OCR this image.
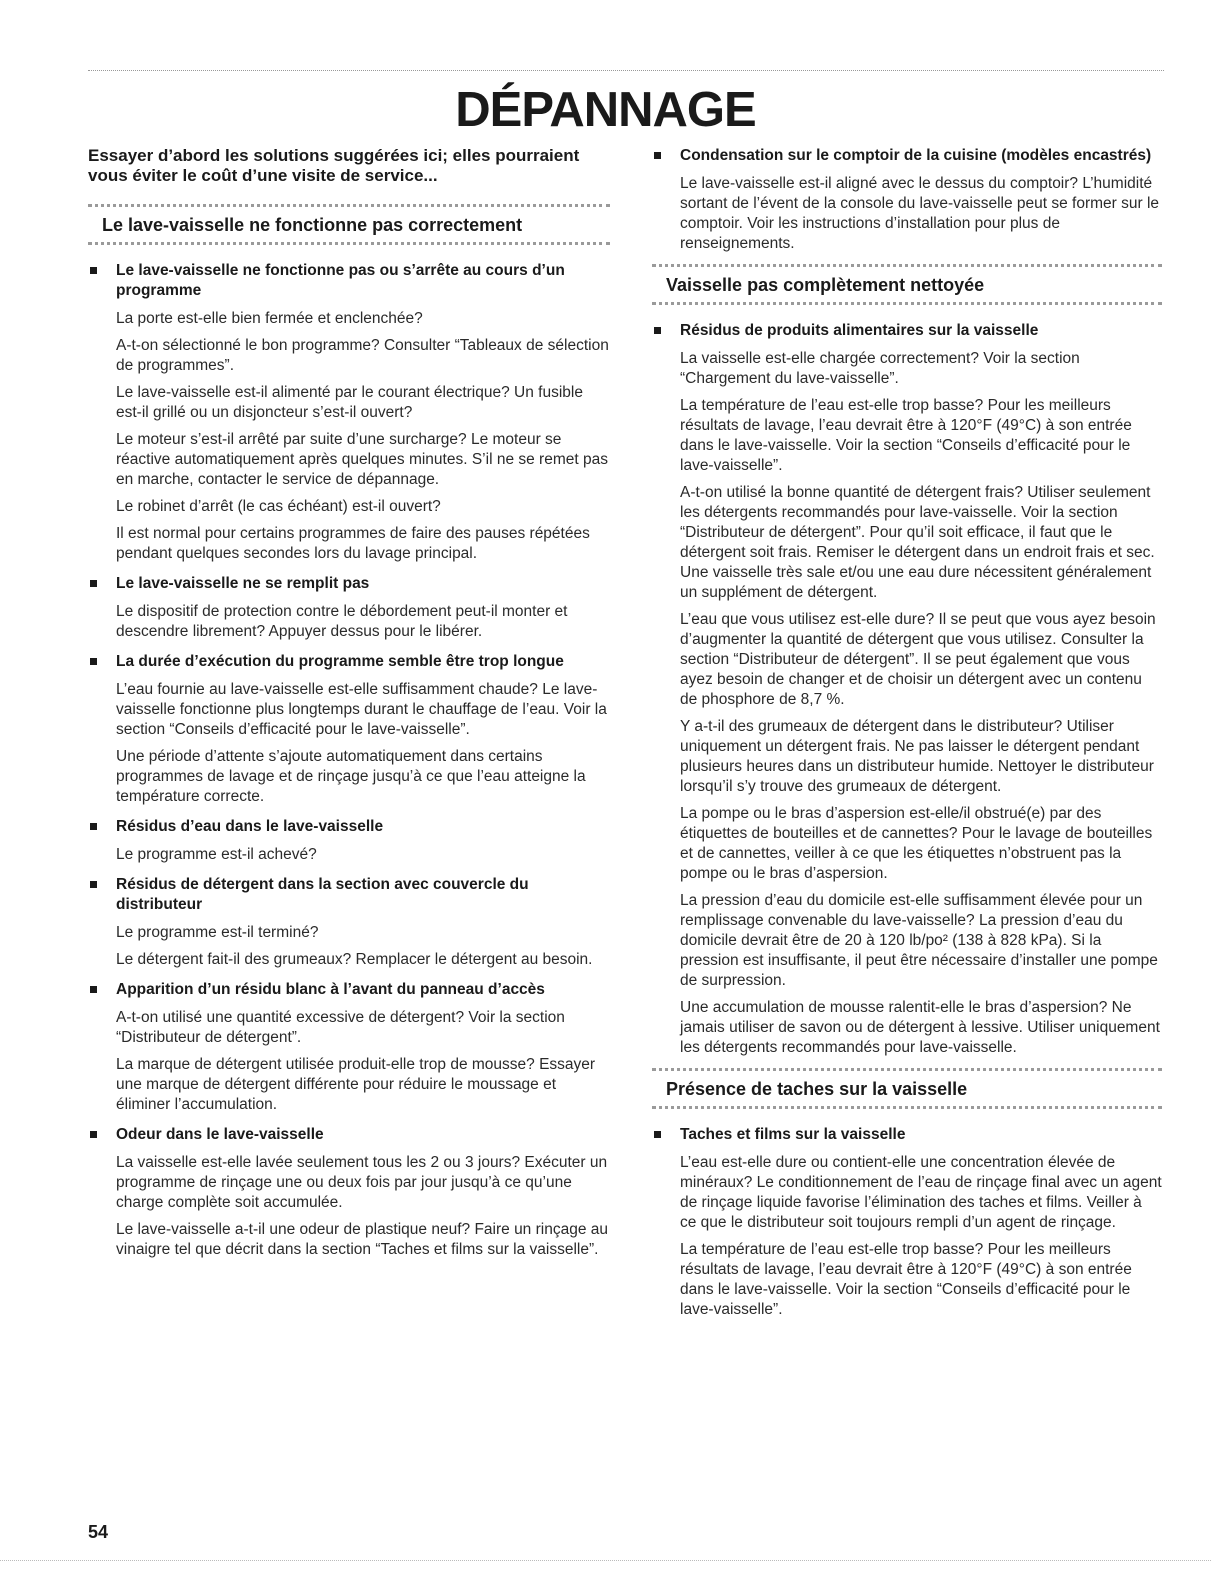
DÉPANNAGE

Essayer d’abord les solutions suggérées ici; elles pourraient vous éviter le coût d’une visite de service...

Le lave-vaisselle ne fonctionne pas correctement
Le lave-vaisselle ne fonctionne pas ou s’arrête au cours d’un programme

La porte est-elle bien fermée et enclenchée?

A-t-on sélectionné le bon programme? Consulter “Tableaux de sélection de programmes”.

Le lave-vaisselle est-il alimenté par le courant électrique? Un fusible est-il grillé ou un disjoncteur s’est-il ouvert?

Le moteur s’est-il arrêté par suite d’une surcharge? Le moteur se réactive automatiquement après quelques minutes. S’il ne se remet pas en marche, contacter le service de dépannage.

Le robinet d’arrêt (le cas échéant) est-il ouvert?

Il est normal pour certains programmes de faire des pauses répétées pendant quelques secondes lors du lavage principal.

Le lave-vaisselle ne se remplit pas

Le dispositif de protection contre le débordement peut-il monter et descendre librement? Appuyer dessus pour le libérer.

La durée d’exécution du programme semble être trop longue

L’eau fournie au lave-vaisselle est-elle suffisamment chaude? Le lave-vaisselle fonctionne plus longtemps durant le chauffage de l’eau. Voir la section “Conseils d’efficacité pour le lave-vaisselle”.

Une période d’attente s’ajoute automatiquement dans certains programmes de lavage et de rinçage jusqu’à ce que l’eau atteigne la température correcte.

Résidus d’eau dans le lave-vaisselle

Le programme est-il achevé?

Résidus de détergent dans la section avec couvercle du distributeur

Le programme est-il terminé?

Le détergent fait-il des grumeaux? Remplacer le détergent au besoin.

Apparition d’un résidu blanc à l’avant du panneau d’accès

A-t-on utilisé une quantité excessive de détergent? Voir la section “Distributeur de détergent”.

La marque de détergent utilisée produit-elle trop de mousse? Essayer une marque de détergent différente pour réduire le moussage et éliminer l’accumulation.

Odeur dans le lave-vaisselle

La vaisselle est-elle lavée seulement tous les 2 ou 3 jours? Exécuter un programme de rinçage une ou deux fois par jour jusqu’à ce qu’une charge complète soit accumulée.

Le lave-vaisselle a-t-il une odeur de plastique neuf? Faire un rinçage au vinaigre tel que décrit dans la section “Taches et films sur la vaisselle”.

Condensation sur le comptoir de la cuisine (modèles encastrés)

Le lave-vaisselle est-il aligné avec le dessus du comptoir? L’humidité sortant de l’évent de la console du lave-vaisselle peut se former sur le comptoir. Voir les instructions d’installation pour plus de renseignements.

Vaisselle pas complètement nettoyée
Résidus de produits alimentaires sur la vaisselle

La vaisselle est-elle chargée correctement? Voir la section “Chargement du lave-vaisselle”.

La température de l’eau est-elle trop basse? Pour les meilleurs résultats de lavage, l’eau devrait être à 120°F (49°C) à son entrée dans le lave-vaisselle. Voir la section “Conseils d’efficacité pour le lave-vaisselle”.

A-t-on utilisé la bonne quantité de détergent frais? Utiliser seulement les détergents recommandés pour lave-vaisselle. Voir la section “Distributeur de détergent”. Pour qu’il soit efficace, il faut que le détergent soit frais. Remiser le détergent dans un endroit frais et sec. Une vaisselle très sale et/ou une eau dure nécessitent généralement un supplément de détergent.

L’eau que vous utilisez est-elle dure? Il se peut que vous ayez besoin d’augmenter la quantité de détergent que vous utilisez. Consulter la section “Distributeur de détergent”. Il se peut également que vous ayez besoin de changer et de choisir un détergent avec un contenu de phosphore de 8,7 %.

Y a-t-il des grumeaux de détergent dans le distributeur? Utiliser uniquement un détergent frais. Ne pas laisser le détergent pendant plusieurs heures dans un distributeur humide. Nettoyer le distributeur lorsqu’il s’y trouve des grumeaux de détergent.

La pompe ou le bras d’aspersion est-elle/il obstrué(e) par des étiquettes de bouteilles et de cannettes? Pour le lavage de bouteilles et de cannettes, veiller à ce que les étiquettes n’obstruent pas la pompe ou le bras d’aspersion.

La pression d’eau du domicile est-elle suffisamment élevée pour un remplissage convenable du lave-vaisselle? La pression d’eau du domicile devrait être de 20 à 120 lb/po² (138 à 828 kPa). Si la pression est insuffisante, il peut être nécessaire d’installer une pompe de surpression.

Une accumulation de mousse ralentit-elle le bras d’aspersion? Ne jamais utiliser de savon ou de détergent à lessive. Utiliser uniquement les détergents recommandés pour lave-vaisselle.

Présence de taches sur la vaisselle
Taches et films sur la vaisselle

L’eau est-elle dure ou contient-elle une concentration élevée de minéraux? Le conditionnement de l’eau de rinçage final avec un agent de rinçage liquide favorise l’élimination des taches et films. Veiller à ce que le distributeur soit toujours rempli d’un agent de rinçage.

La température de l’eau est-elle trop basse? Pour les meilleurs résultats de lavage, l’eau devrait être à 120°F (49°C) à son entrée dans le lave-vaisselle. Voir la section “Conseils d’efficacité pour le lave-vaisselle”.

54
